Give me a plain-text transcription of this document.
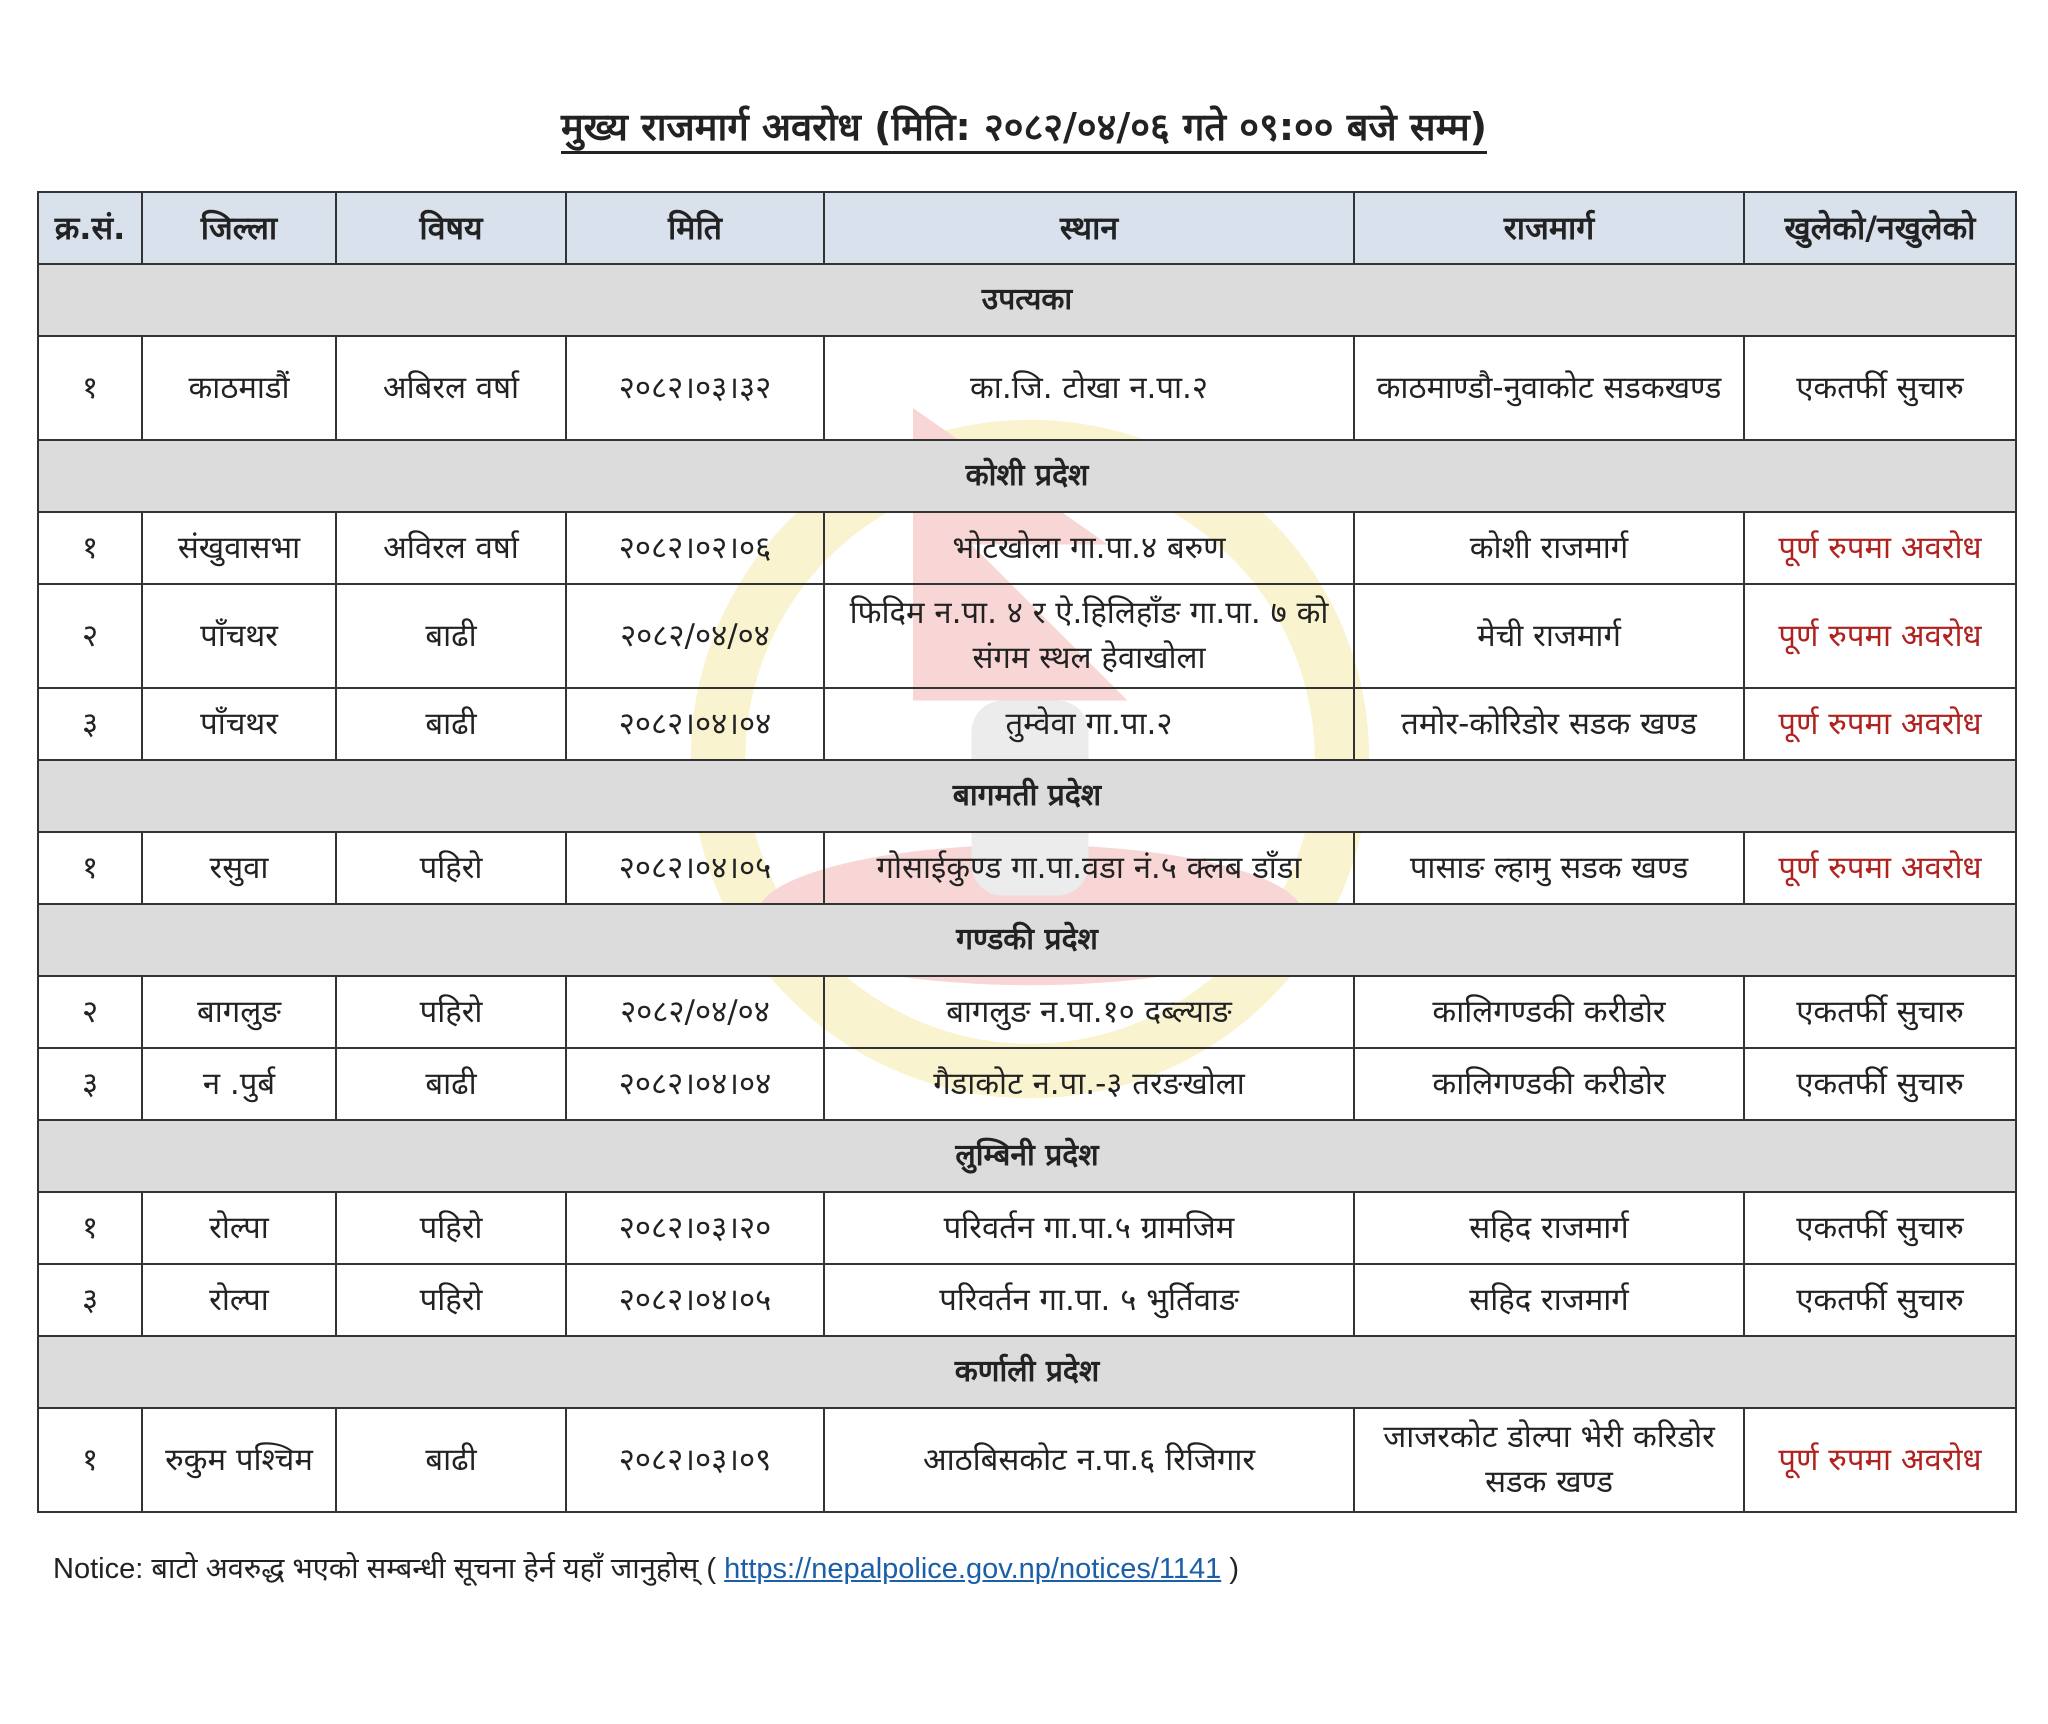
मुख्य राजमार्ग अवरोध (मिति: २०८२/०४/०६ गते ०९:०० बजे सम्म)
क्र.सं.	जिल्ला	विषय	मिति	स्थान	राजमार्ग	खुलेको/नखुलेको
उपत्यका						
१	काठमाडौं	अबिरल वर्षा	२०८२।०३।३२	का.जि. टोखा न.पा.२	काठमाण्डौ-नुवाकोट सडकखण्ड	एकतर्फी सुचारु
कोशी प्रदेश						
१	संखुवासभा	अविरल वर्षा	२०८२।०२।०६	भोटखोला गा.पा.४ बरुण	कोशी राजमार्ग	पूर्ण रुपमा अवरोध
२	पाँचथर	बाढी	२०८२/०४/०४	फिदिम न.पा. ४ र ऐ.हिलिहाँङ गा.पा. ७ को संगम स्थल हेवाखोला	मेची राजमार्ग	पूर्ण रुपमा अवरोध
३	पाँचथर	बाढी	२०८२।०४।०४	तुम्वेवा गा.पा.२	तमोर-कोरिडोर सडक खण्ड	पूर्ण रुपमा अवरोध
बागमती प्रदेश						
१	रसुवा	पहिरो	२०८२।०४।०५	गोसाईकुण्ड गा.पा.वडा नं.५ क्लब डाँडा	पासाङ ल्हामु सडक खण्ड	पूर्ण रुपमा अवरोध
गण्डकी प्रदेश						
२	बागलुङ	पहिरो	२०८२/०४/०४	बागलुङ न.पा.१० दब्ल्याङ	कालिगण्डकी करीडोर	एकतर्फी सुचारु
३	न .पुर्ब	बाढी	२०८२।०४।०४	गैडाकोट न.पा.-३ तरङखोला	कालिगण्डकी करीडोर	एकतर्फी सुचारु
लुम्बिनी प्रदेश						
१	रोल्पा	पहिरो	२०८२।०३।२०	परिवर्तन गा.पा.५ ग्रामजिम	सहिद राजमार्ग	एकतर्फी सुचारु
३	रोल्पा	पहिरो	२०८२।०४।०५	परिवर्तन गा.पा. ५ भुर्तिवाङ	सहिद राजमार्ग	एकतर्फी सुचारु
कर्णाली प्रदेश						
१	रुकुम पश्चिम	बाढी	२०८२।०३।०९	आठबिसकोट न.पा.६ रिजिगार	जाजरकोट डोल्पा भेरी करिडोर सडक खण्ड	पूर्ण रुपमा अवरोध
Notice: बाटो अवरुद्ध भएको सम्बन्धी सूचना हेर्न यहाँ जानुहोस् ( https://nepalpolice.gov.np/notices/1141 )
